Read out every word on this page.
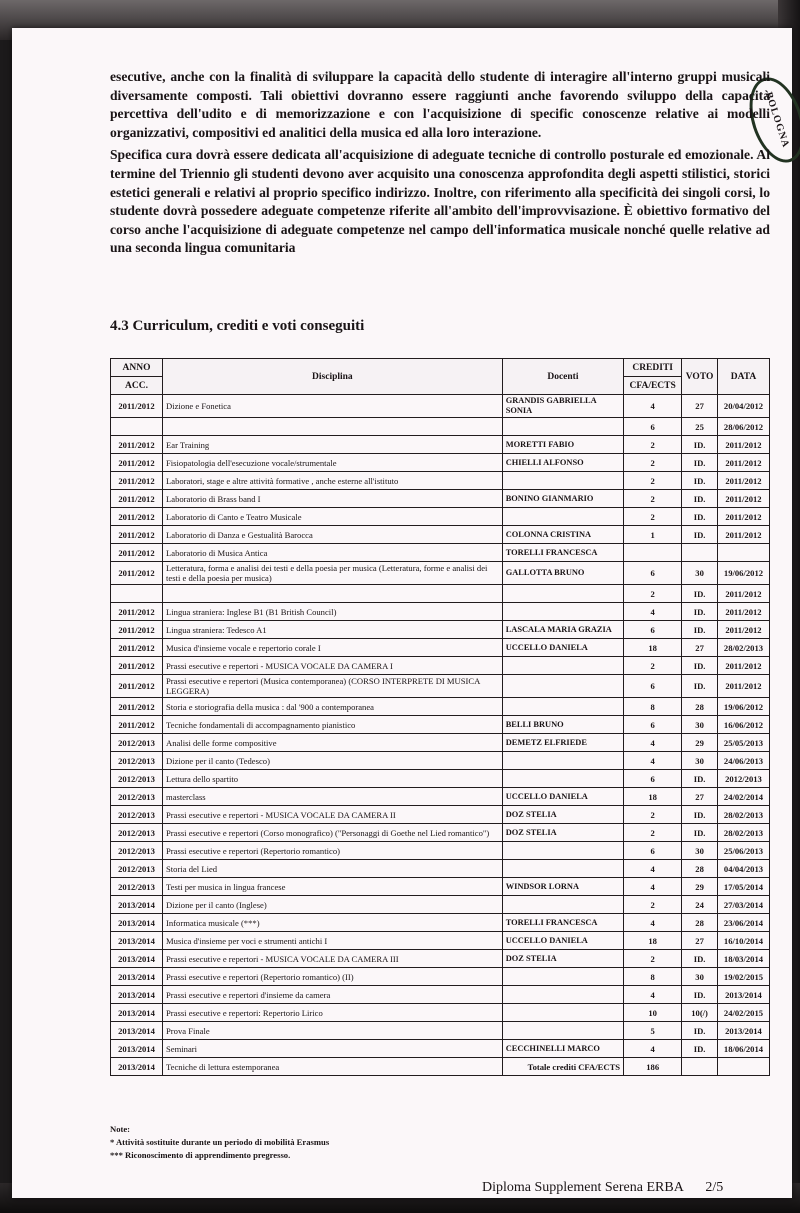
BOLOGNA

esecutive, anche con la finalità di sviluppare la capacità dello studente di interagire all'interno gruppi musicali diversamente composti. Tali obiettivi dovranno essere raggiunti anche favorendo sviluppo della capacità percettiva dell'udito e di memorizzazione e con l'acquisizione di specific conoscenze relative ai modelli organizzativi, compositivi ed analitici della musica ed alla loro interazione.

Specifica cura dovrà essere dedicata all'acquisizione di adeguate tecniche di controllo posturale ed emozionale. Al termine del Triennio gli studenti devono aver acquisito una conoscenza approfondita degli aspetti stilistici, storici estetici generali e relativi al proprio specifico indirizzo. Inoltre, con riferimento alla specificità dei singoli corsi, lo studente dovrà possedere adeguate competenze riferite all'ambito dell'improvvisazione. È obiettivo formativo del corso anche l'acquisizione di adeguate competenze nel campo dell'informatica musicale nonché quelle relative ad una seconda lingua comunitaria

4.3 Curriculum, crediti e voti conseguiti

ANNO	Disciplina	Docenti	CREDITI	VOTO	DATA
ACC.			CFA/ECTS		
2011/2012	Dizione e Fonetica	GRANDIS GABRIELLA SONIA	4	27	20/04/2012
			6	25	28/06/2012
2011/2012	Ear Training	MORETTI FABIO	2	ID.	2011/2012
2011/2012	Fisiopatologia dell'esecuzione vocale/strumentale	CHIELLI ALFONSO	2	ID.	2011/2012
2011/2012	Laboratori, stage e altre attività formative , anche esterne all'istituto		2	ID.	2011/2012
2011/2012	Laboratorio di Brass band I	BONINO GIANMARIO	2	ID.	2011/2012
2011/2012	Laboratorio di Canto e Teatro Musicale		2	ID.	2011/2012
2011/2012	Laboratorio di Danza e Gestualità Barocca	COLONNA CRISTINA	1	ID.	2011/2012
2011/2012	Laboratorio di Musica Antica	TORELLI FRANCESCA			
2011/2012	Letteratura, forma e analisi dei testi e della poesia per musica (Letteratura, forme e analisi dei testi e della poesia per musica)	GALLOTTA BRUNO	6	30	19/06/2012
			2	ID.	2011/2012
2011/2012	Lingua straniera: Inglese B1 (B1 British Council)		4	ID.	2011/2012
2011/2012	Lingua straniera: Tedesco A1	LASCALA MARIA GRAZIA	6	ID.	2011/2012
2011/2012	Musica d'insieme vocale e repertorio corale I	UCCELLO DANIELA	18	27	28/02/2013
2011/2012	Prassi esecutive e repertori - MUSICA VOCALE DA CAMERA I		2	ID.	2011/2012
2011/2012	Prassi esecutive e repertori (Musica contemporanea) (CORSO INTERPRETE DI MUSICA LEGGERA)		6	ID.	2011/2012
2011/2012	Storia e storiografia della musica : dal '900 a contemporanea		8	28	19/06/2012
2011/2012	Tecniche fondamentali di accompagnamento pianistico	BELLI BRUNO	6	30	16/06/2012
2012/2013	Analisi delle forme compositive	DEMETZ ELFRIEDE	4	29	25/05/2013
2012/2013	Dizione per il canto (Tedesco)		4	30	24/06/2013
2012/2013	Lettura dello spartito		6	ID.	2012/2013
2012/2013	masterclass	UCCELLO DANIELA	18	27	24/02/2014
2012/2013	Prassi esecutive e repertori - MUSICA VOCALE DA CAMERA II	DOZ STELIA	2	ID.	28/02/2013
2012/2013	Prassi esecutive e repertori (Corso monografico) ("Personaggi di Goethe nel Lied romantico")	DOZ STELIA	2	ID.	28/02/2013
2012/2013	Prassi esecutive e repertori (Repertorio romantico)		6	30	25/06/2013
2012/2013	Storia del Lied		4	28	04/04/2013
2012/2013	Testi per musica in lingua francese	WINDSOR LORNA	4	29	17/05/2014
2013/2014	Dizione per il canto (Inglese)		2	24	27/03/2014
2013/2014	Informatica musicale (***)	TORELLI FRANCESCA	4	28	23/06/2014
2013/2014	Musica d'insieme per voci e strumenti antichi I	UCCELLO DANIELA	18	27	16/10/2014
2013/2014	Prassi esecutive e repertori - MUSICA VOCALE DA CAMERA III	DOZ STELIA	2	ID.	18/03/2014
2013/2014	Prassi esecutive e repertori (Repertorio romantico) (II)		8	30	19/02/2015
2013/2014	Prassi esecutive e repertori d'insieme da camera		4	ID.	2013/2014
2013/2014	Prassi esecutive e repertori: Repertorio Lirico		10	10(/)	24/02/2015
2013/2014	Prova Finale		5	ID.	2013/2014
2013/2014	Seminari	CECCHINELLI MARCO	4	ID.	18/06/2014
2013/2014	Tecniche di lettura estemporanea	Totale crediti CFA/ECTS	186		

Note:

* Attività sostituite durante un periodo di mobilità Erasmus

*** Riconoscimento di apprendimento pregresso.

Diploma Supplement Serena ERBA 2/5
